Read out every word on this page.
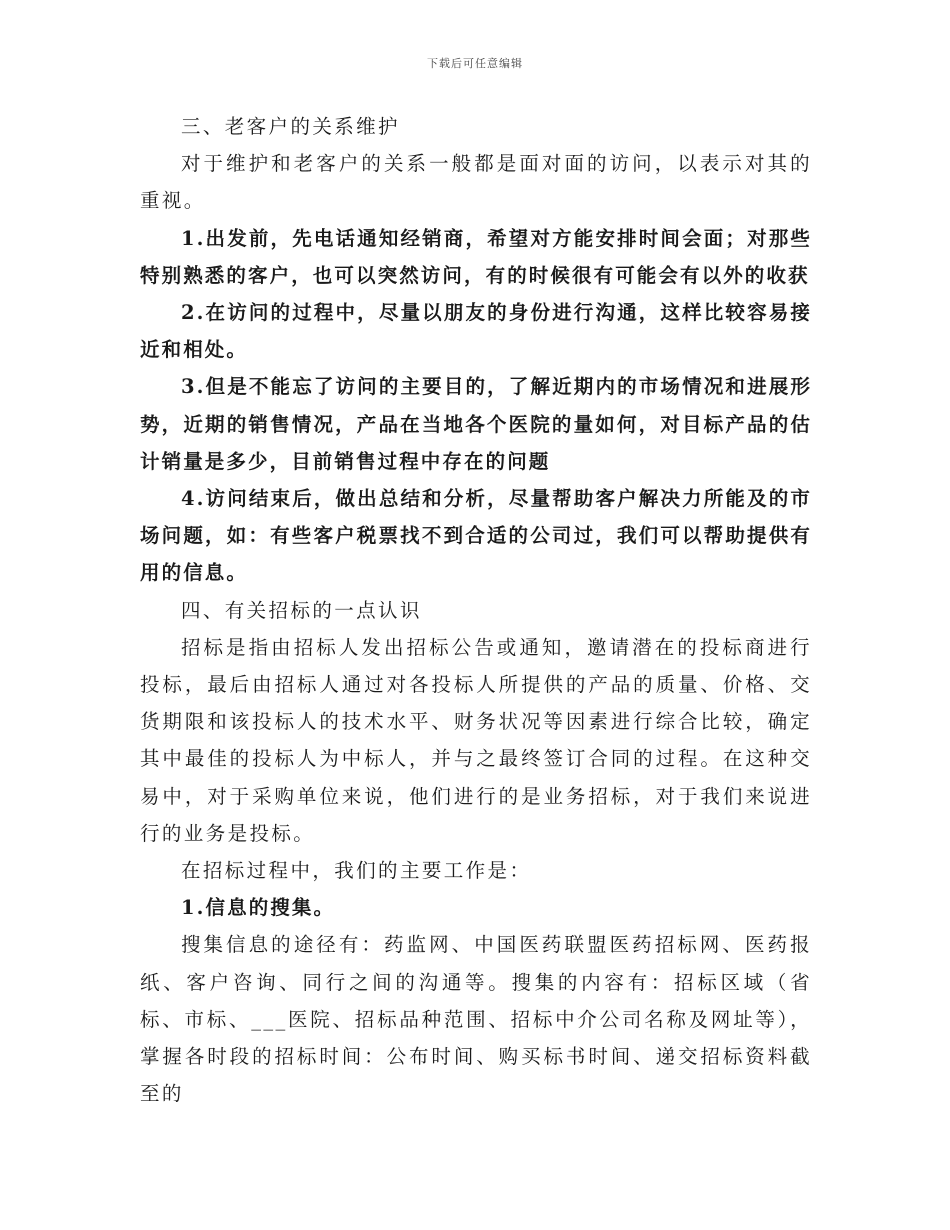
下载后可任意编辑

三、老客户的关系维护

对于维护和老客户的关系一般都是面对面的访问，以表示对其的重视。

1.出发前，先电话通知经销商，希望对方能安排时间会面；对那些特别熟悉的客户，也可以突然访问，有的时候很有可能会有以外的收获

2.在访问的过程中，尽量以朋友的身份进行沟通，这样比较容易接近和相处。

3.但是不能忘了访问的主要目的，了解近期内的市场情况和进展形势，近期的销售情况，产品在当地各个医院的量如何，对目标产品的估计销量是多少，目前销售过程中存在的问题

4.访问结束后，做出总结和分析，尽量帮助客户解决力所能及的市场问题，如：有些客户税票找不到合适的公司过，我们可以帮助提供有用的信息。

四、有关招标的一点认识

招标是指由招标人发出招标公告或通知，邀请潜在的投标商进行投标，最后由招标人通过对各投标人所提供的产品的质量、价格、交货期限和该投标人的技术水平、财务状况等因素进行综合比较，确定其中最佳的投标人为中标人，并与之最终签订合同的过程。在这种交易中，对于采购单位来说，他们进行的是业务招标，对于我们来说进行的业务是投标。

在招标过程中，我们的主要工作是：

1.信息的搜集。

搜集信息的途径有：药监网、中国医药联盟医药招标网、医药报纸、客户咨询、同行之间的沟通等。搜集的内容有：招标区域（省标、市标、___医院、招标品种范围、招标中介公司名称及网址等），掌握各时段的招标时间：公布时间、购买标书时间、递交招标资料截至的
